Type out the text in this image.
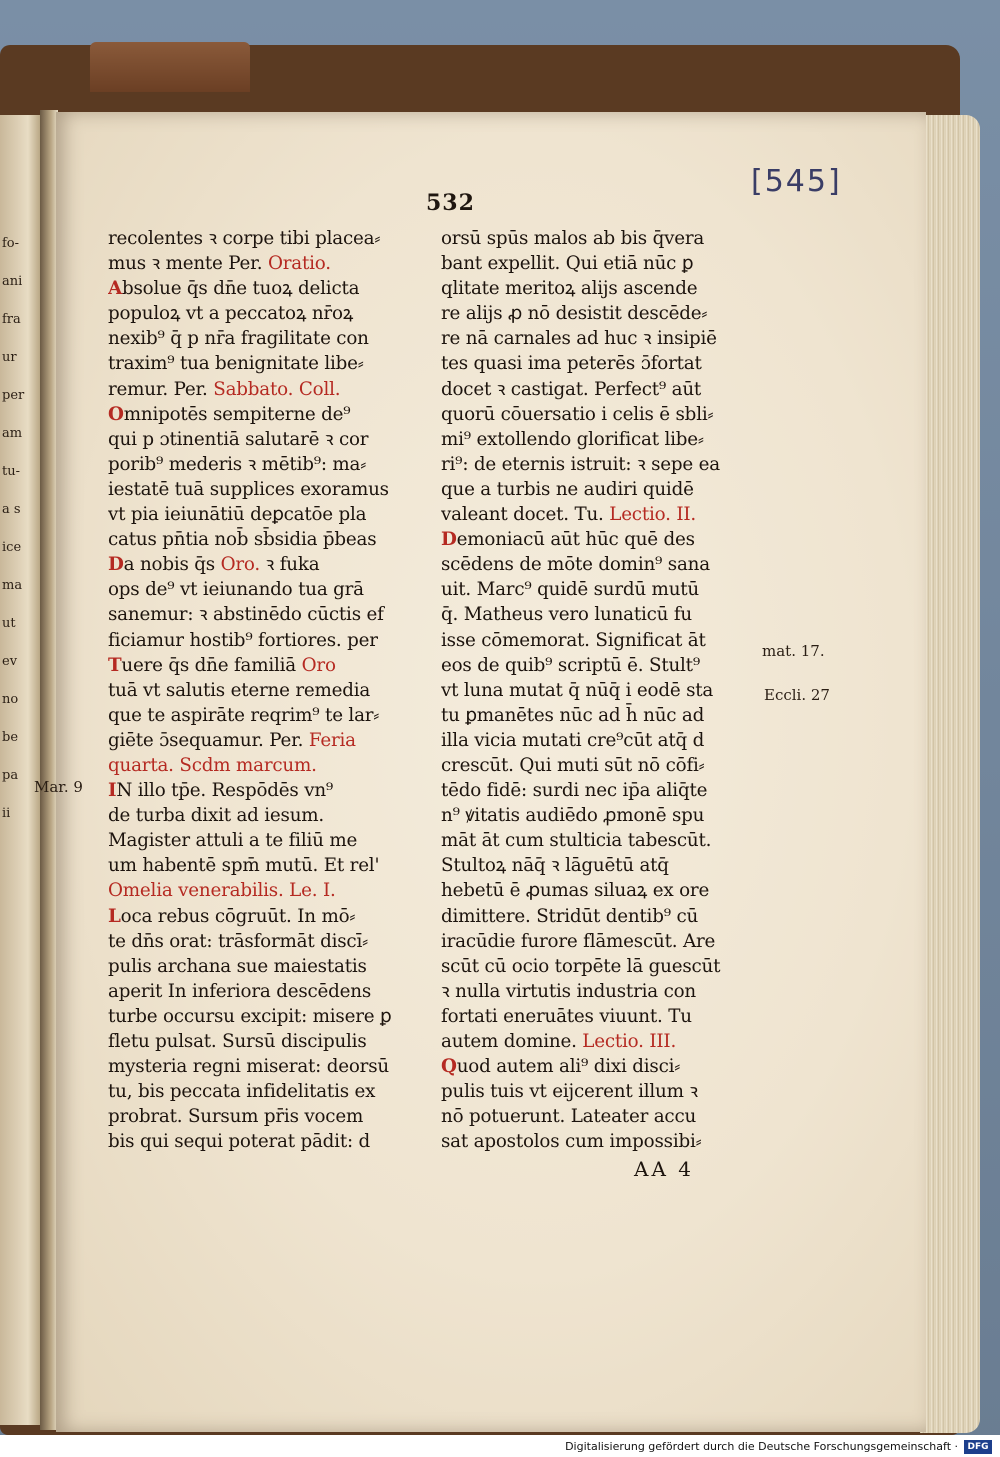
fo-
ani
fra
ur
per
am
tu-
a s
ice
ma
ut
ev
no
be
pa
ii
532
[545]
recolentes ꝛ corpe tibi placea⸗
mus ꝛ mente Per. Oratio.
Absolue q̄s dn̄e tuoꝝ delicta
populoꝝ vt a peccatoꝝ nr̄oꝝ
nexib⁹ q̄ p nr̄a fragilitate con
traxim⁹ tua benignitate libe⸗
remur. Per. Sabbato. Coll.
Omnipotēs sempiterne de⁹
qui p ɔtinentiā salutarē ꝛ cor
porib⁹ mederis ꝛ mētib⁹: ma⸗
iestatē tuā supplices exoramus
vt pia ieiunātiū deꝑcatōe pla
catus pn̄tia nob̄ sb̄sidia p̄beas
Da nobis q̄s Oro. ꝛ fuka
ops de⁹ vt ieiunando tua grā
sanemur: ꝛ abstinēdo cūctis ef
ficiamur hostib⁹ fortiores. per
Tuere q̄s dn̄e familiā Oro
tuā vt salutis eterne remedia
que te aspirāte reqrim⁹ te lar⸗
giēte ɔ̄sequamur. Per. Feria
quarta. Scdm marcum.
IN illo tp̄e. Respōdēs vn⁹
de turba dixit ad iesum.
Magister attuli a te filiū me
um habentē spm̄ mutū. Et rel'
Omelia venerabilis. Le. I.
Loca rebus cōgruūt. In mō⸗
te dn̄s orat: trāsformāt discī⸗
pulis archana sue maiestatis
aperit In inferiora descēdens
turbe occursu excipit: misere ꝑ
fletu pulsat. Sursū discipulis
mysteria regni miserat: deorsū
tu, bis peccata infidelitatis ex
probrat. Sursum pr̄is vocem
bis qui sequi poterat pādit: d
orsū spūs malos ab bis q̄vera
bant expellit. Qui etiā nūc ꝑ
qlitate meritoꝝ alijs ascende
re alijs ꝓ nō desistit descēde⸗
re nā carnales ad huc ꝛ insipiē
tes quasi ima peterēs ɔ̄fortat
docet ꝛ castigat. Perfect⁹ aūt
quorū cōuersatio i celis ē sbli⸗
mi⁹ extollendo glorificat libe⸗
ri⁹: de eternis istruit: ꝛ sepe ea
que a turbis ne audiri quidē
valeant docet. Tu. Lectio. II.
Demoniacū aūt hūc quē des
scēdens de mōte domin⁹ sana
uit. Marc⁹ quidē surdū mutū
q̄. Matheus vero lunaticū fu
isse cōmemorat. Significat āt
eos de quib⁹ scriptū ē. Stult⁹
vt luna mutat q̄ nūq̄ i eodē sta
tu ꝑmanētes nūc ad h̄ nūc ad
illa vicia mutati cre⁹cūt atq̄ d
crescūt. Qui muti sūt nō cōfi⸗
tēdo fidē: surdi nec ip̄a aliq̄te
n⁹ ꝟitatis audiēdo ꝓmonē spu
māt āt cum stulticia tabescūt.
Stultoꝝ nāq̄ ꝛ lāguētū atq̄
hebetū ē ꝓumas siluaꝝ ex ore
dimittere. Stridūt dentib⁹ cū
iracūdie furore flāmescūt. Are
scūt cū ocio torpēte lā guescūt
ꝛ nulla virtutis industria con
fortati eneruātes viuunt. Tu
autem domine. Lectio. III.
Quod autem ali⁹ dixi disci⸗
pulis tuis vt eijcerent illum ꝛ
nō potuerunt. Lateater accu
sat apostolos cum impossibi⸗
Mar. 9
mat. 17.
Eccli. 27
AA 4
Digitalisierung gefördert durch die Deutsche Forschungsgemeinschaft ·	DFG
